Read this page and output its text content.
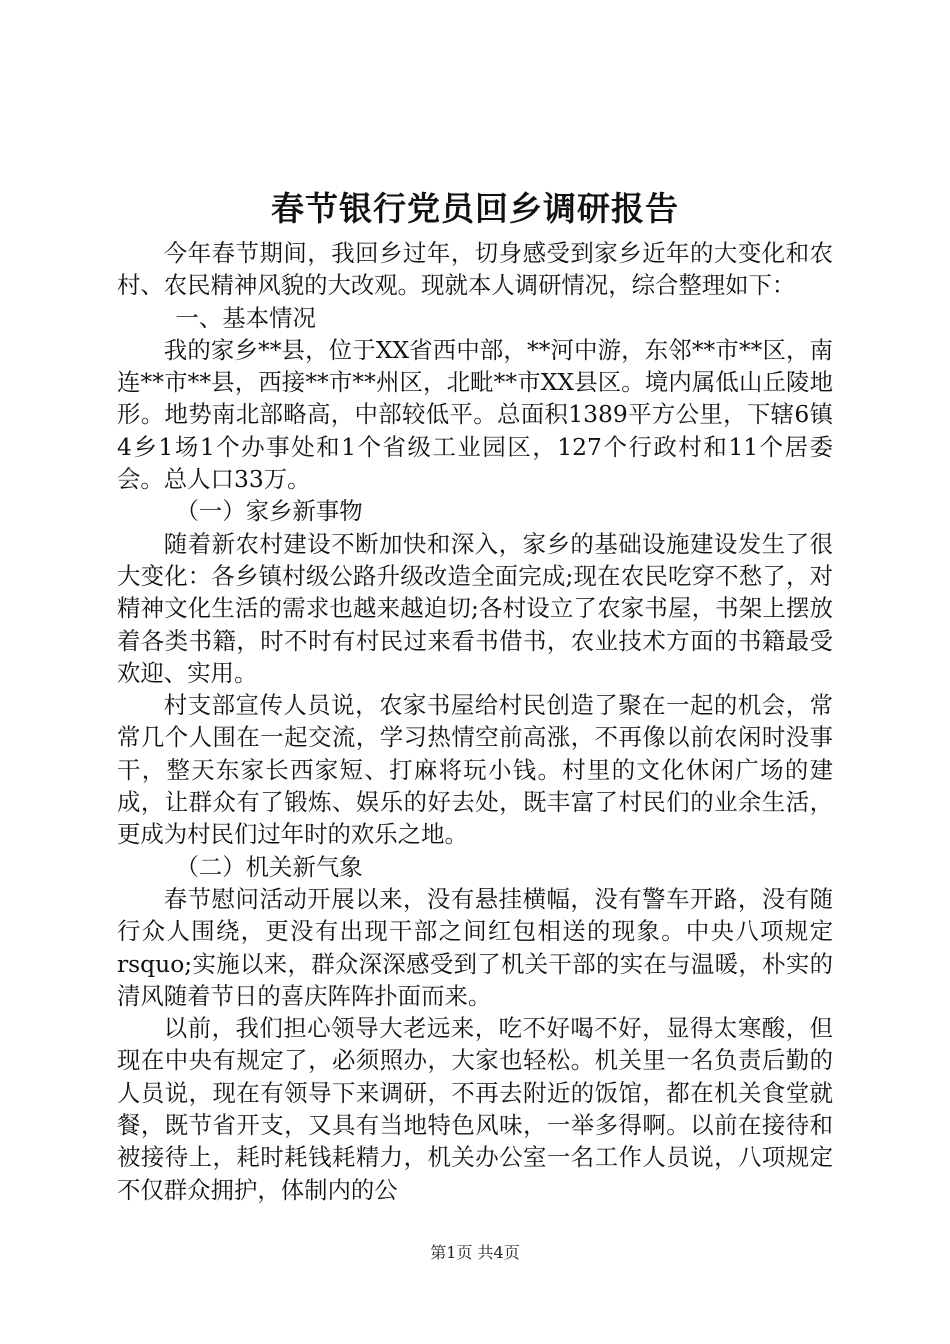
春节银行党员回乡调研报告

今年春节期间，我回乡过年，切身感受到家乡近年的大变化和农村、农民精神风貌的大改观。现就本人调研情况，综合整理如下：

一、基本情况

我的家乡**县，位于XX省西中部，**河中游，东邻**市**区，南连**市**县，西接**市**州区，北毗**市XX县区。境内属低山丘陵地形。地势南北部略高，中部较低平。总面积1389平方公里，下辖6镇4乡1场1个办事处和1个省级工业园区，127个行政村和11个居委会。总人口33万。

（一）家乡新事物

随着新农村建设不断加快和深入，家乡的基础设施建设发生了很大变化：各乡镇村级公路升级改造全面完成;现在农民吃穿不愁了，对精神文化生活的需求也越来越迫切;各村设立了农家书屋，书架上摆放着各类书籍，时不时有村民过来看书借书，农业技术方面的书籍最受欢迎、实用。

村支部宣传人员说，农家书屋给村民创造了聚在一起的机会，常常几个人围在一起交流，学习热情空前高涨，不再像以前农闲时没事干，整天东家长西家短、打麻将玩小钱。村里的文化休闲广场的建成，让群众有了锻炼、娱乐的好去处，既丰富了村民们的业余生活，更成为村民们过年时的欢乐之地。

（二）机关新气象

春节慰问活动开展以来，没有悬挂横幅，没有警车开路，没有随行众人围绕，更没有出现干部之间红包相送的现象。中央八项规定rsquo;实施以来，群众深深感受到了机关干部的实在与温暖，朴实的清风随着节日的喜庆阵阵扑面而来。

以前，我们担心领导大老远来，吃不好喝不好，显得太寒酸，但现在中央有规定了，必须照办，大家也轻松。机关里一名负责后勤的人员说，现在有领导下来调研，不再去附近的饭馆，都在机关食堂就餐，既节省开支，又具有当地特色风味，一举多得啊。以前在接待和被接待上，耗时耗钱耗精力，机关办公室一名工作人员说，八项规定不仅群众拥护，体制内的公

第1页 共4页
